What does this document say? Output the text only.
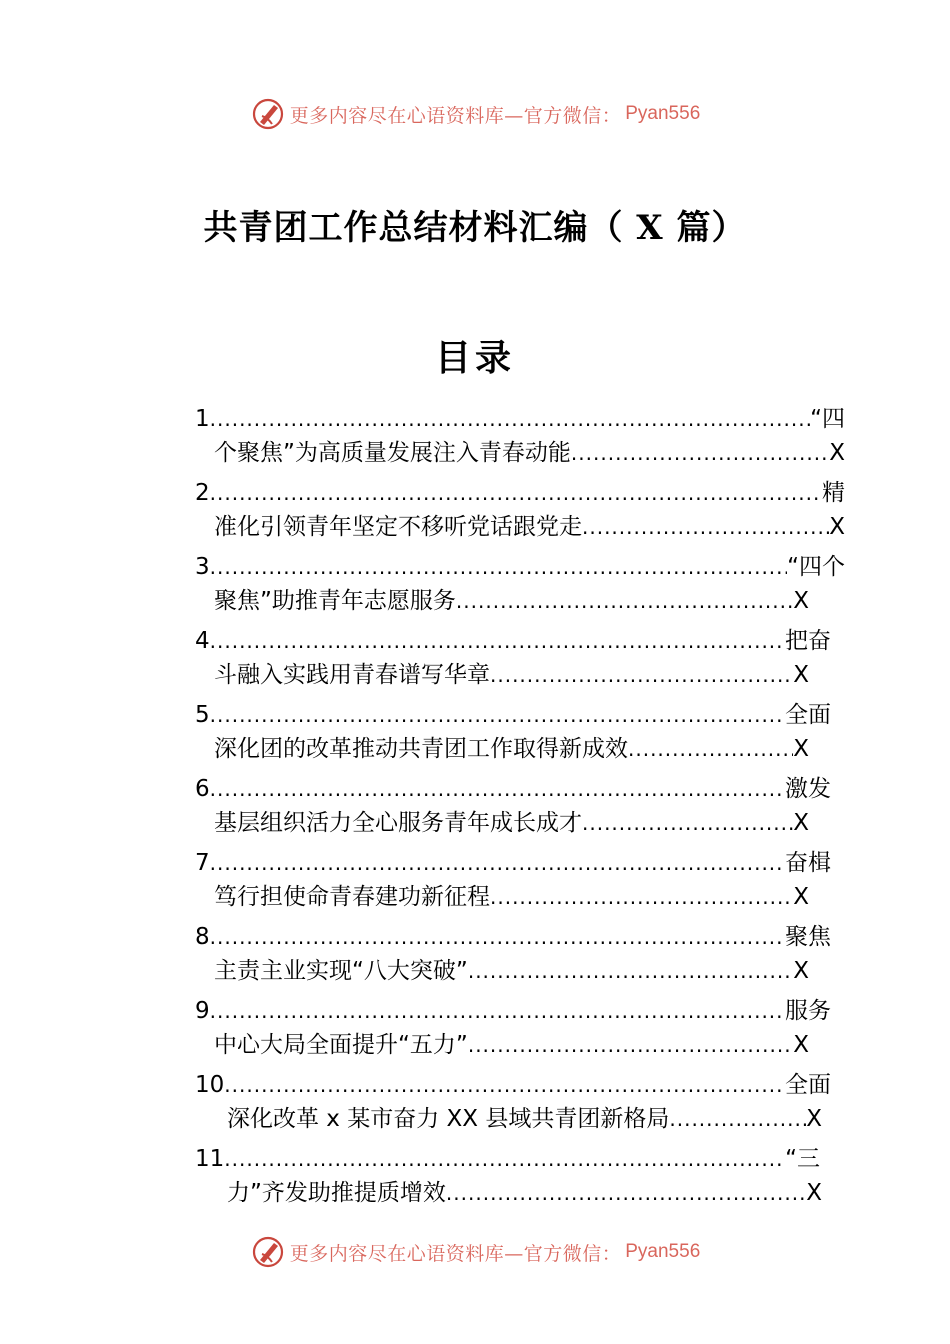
更多内容尽在心语资料库—官方微信： Pyan556
共青团工作总结材料汇编（ X 篇）
目录
1 .....	“四
个聚焦”为高质量发展注入青春动能 .....	X
2 .....	精
准化引领青年坚定不移听党话跟党走 .....	X
3 .....	“四个
聚焦”助推青年志愿服务 .....	X
4 .....	把奋
斗融入实践用青春谱写华章 .....	X
5 .....	全面
深化团的改革推动共青团工作取得新成效 .....	X
6 .....	激发
基层组织活力全心服务青年成长成才 .....	X
7 .....	奋楫
笃行担使命青春建功新征程 .....	X
8 .....	聚焦
主责主业实现“八大突破” .....	X
9 .....	服务
中心大局全面提升“五力” .....	X
10 .....	全面
深化改革 x 某市奋力 XX 县域共青团新格局 .....	X
11 .....	“三
力”齐发助推提质增效 .....	X
更多内容尽在心语资料库—官方微信： Pyan556
